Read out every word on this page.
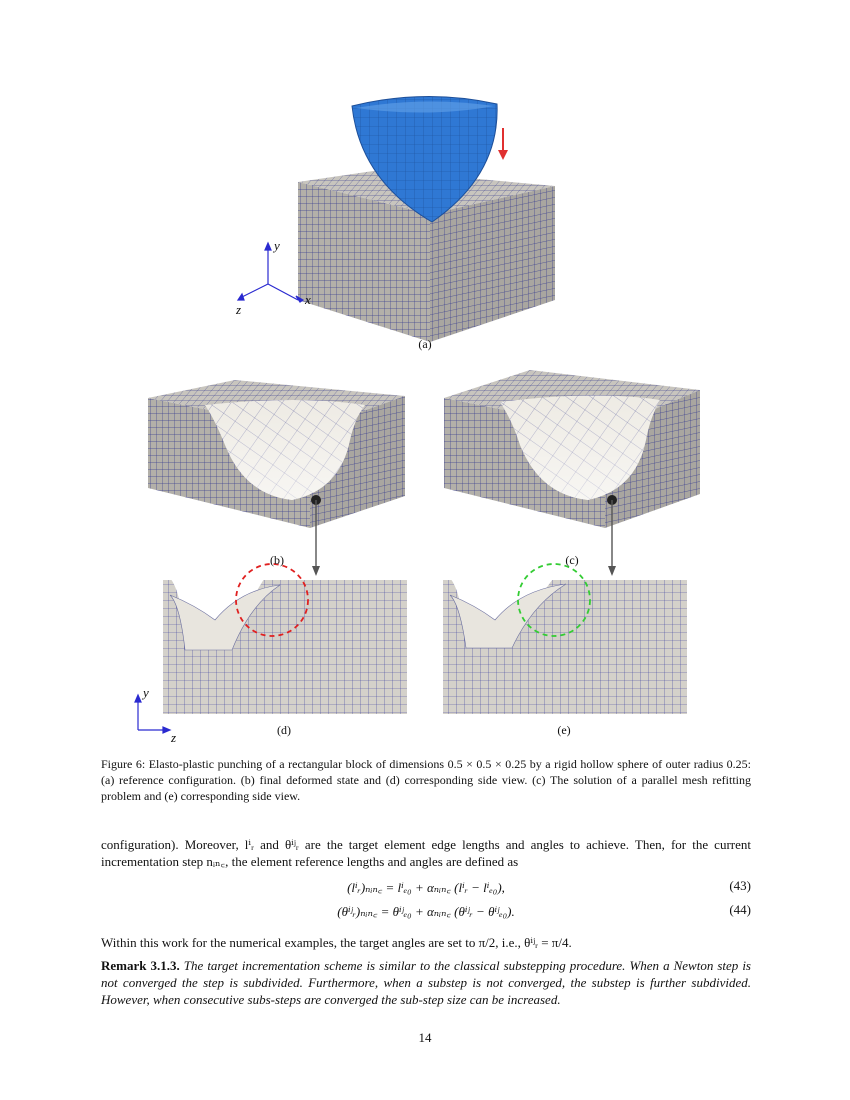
y
x
z
y
z
(a)
(b)	(c)
(d)	(e)
Figure 6: Elasto-plastic punching of a rectangular block of dimensions 0.5 × 0.5 × 0.25 by a rigid hollow sphere of outer radius 0.25: (a) reference configuration. (b) final deformed state and (d) corresponding side view. (c) The solution of a parallel mesh refitting problem and (e) corresponding side view.
configuration). Moreover, lⁱᵣ and θⁱʲᵣ are the target element edge lengths and angles to achieve. Then, for the current incrementation step nᵢₙ꜀, the element reference lengths and angles are defined as
(lⁱᵣ)ₙᵢₙ꜀ = lⁱₑ₀ + αₙᵢₙ꜀ (lⁱᵣ − lⁱₑ₀),	(43)
(θⁱʲᵣ)ₙᵢₙ꜀ = θⁱʲₑ₀ + αₙᵢₙ꜀ (θⁱʲᵣ − θⁱʲₑ₀).	(44)
Within this work for the numerical examples, the target angles are set to π/2, i.e., θⁱʲᵣ = π/4.
Remark 3.1.3. The target incrementation scheme is similar to the classical substepping procedure. When a Newton step is not converged the step is subdivided. Furthermore, when a substep is not converged, the substep is further subdivided. However, when consecutive subs-steps are converged the sub-step size can be increased.
14
